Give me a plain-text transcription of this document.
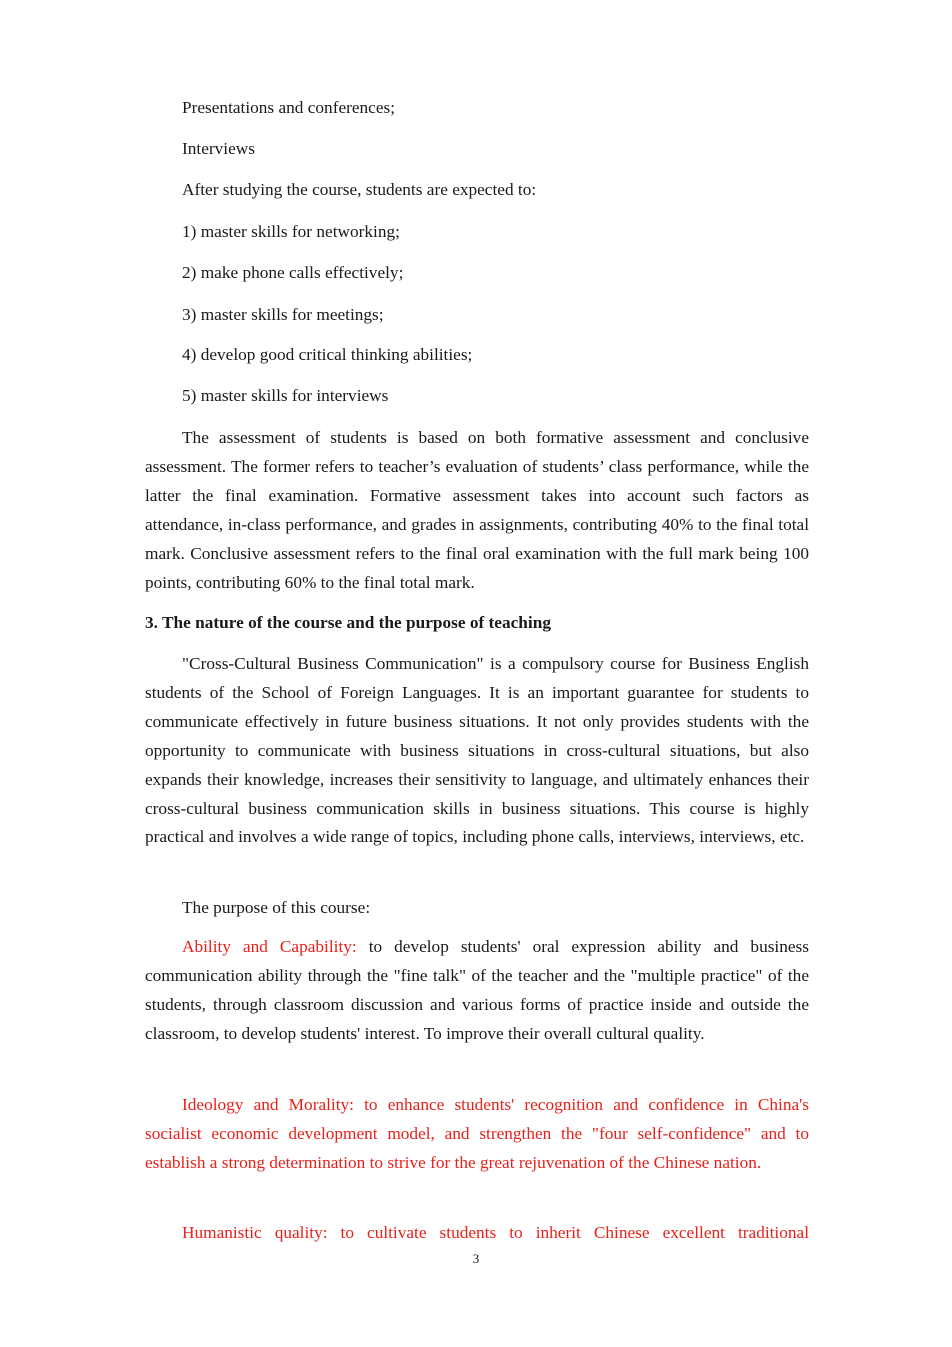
Presentations and conferences;
Interviews
After studying the course, students are expected to:
1) master skills for networking;
2) make phone calls effectively;
3) master skills for meetings;
4) develop good critical thinking abilities;
5) master skills for interviews

The assessment of students is based on both formative assessment and conclusive assessment. The former refers to teacher’s evaluation of students’ class performance, while the latter the final examination. Formative assessment takes into account such factors as attendance, in-class performance, and grades in assignments, contributing 40% to the final total mark. Conclusive assessment refers to the final oral examination with the full mark being 100 points, contributing 60% to the final total mark.

3. The nature of the course and the purpose of teaching

"Cross-Cultural Business Communication" is a compulsory course for Business English students of the School of Foreign Languages. It is an important guarantee for students to communicate effectively in future business situations. It not only provides students with the opportunity to communicate with business situations in cross-cultural situations, but also expands their knowledge, increases their sensitivity to language, and ultimately enhances their cross-cultural business communication skills in business situations. This course is highly practical and involves a wide range of topics, including phone calls, interviews, interviews, etc.

The purpose of this course:

Ability and Capability: to develop students' oral expression ability and business communication ability through the "fine talk" of the teacher and the "multiple practice" of the students, through classroom discussion and various forms of practice inside and outside the classroom, to develop students' interest. To improve their overall cultural quality.

Ideology and Morality: to enhance students' recognition and confidence in China's socialist economic development model, and strengthen the "four self-confidence" and to establish a strong determination to strive for the great rejuvenation of the Chinese nation.

Humanistic quality: to cultivate students to inherit Chinese excellent traditional
3
